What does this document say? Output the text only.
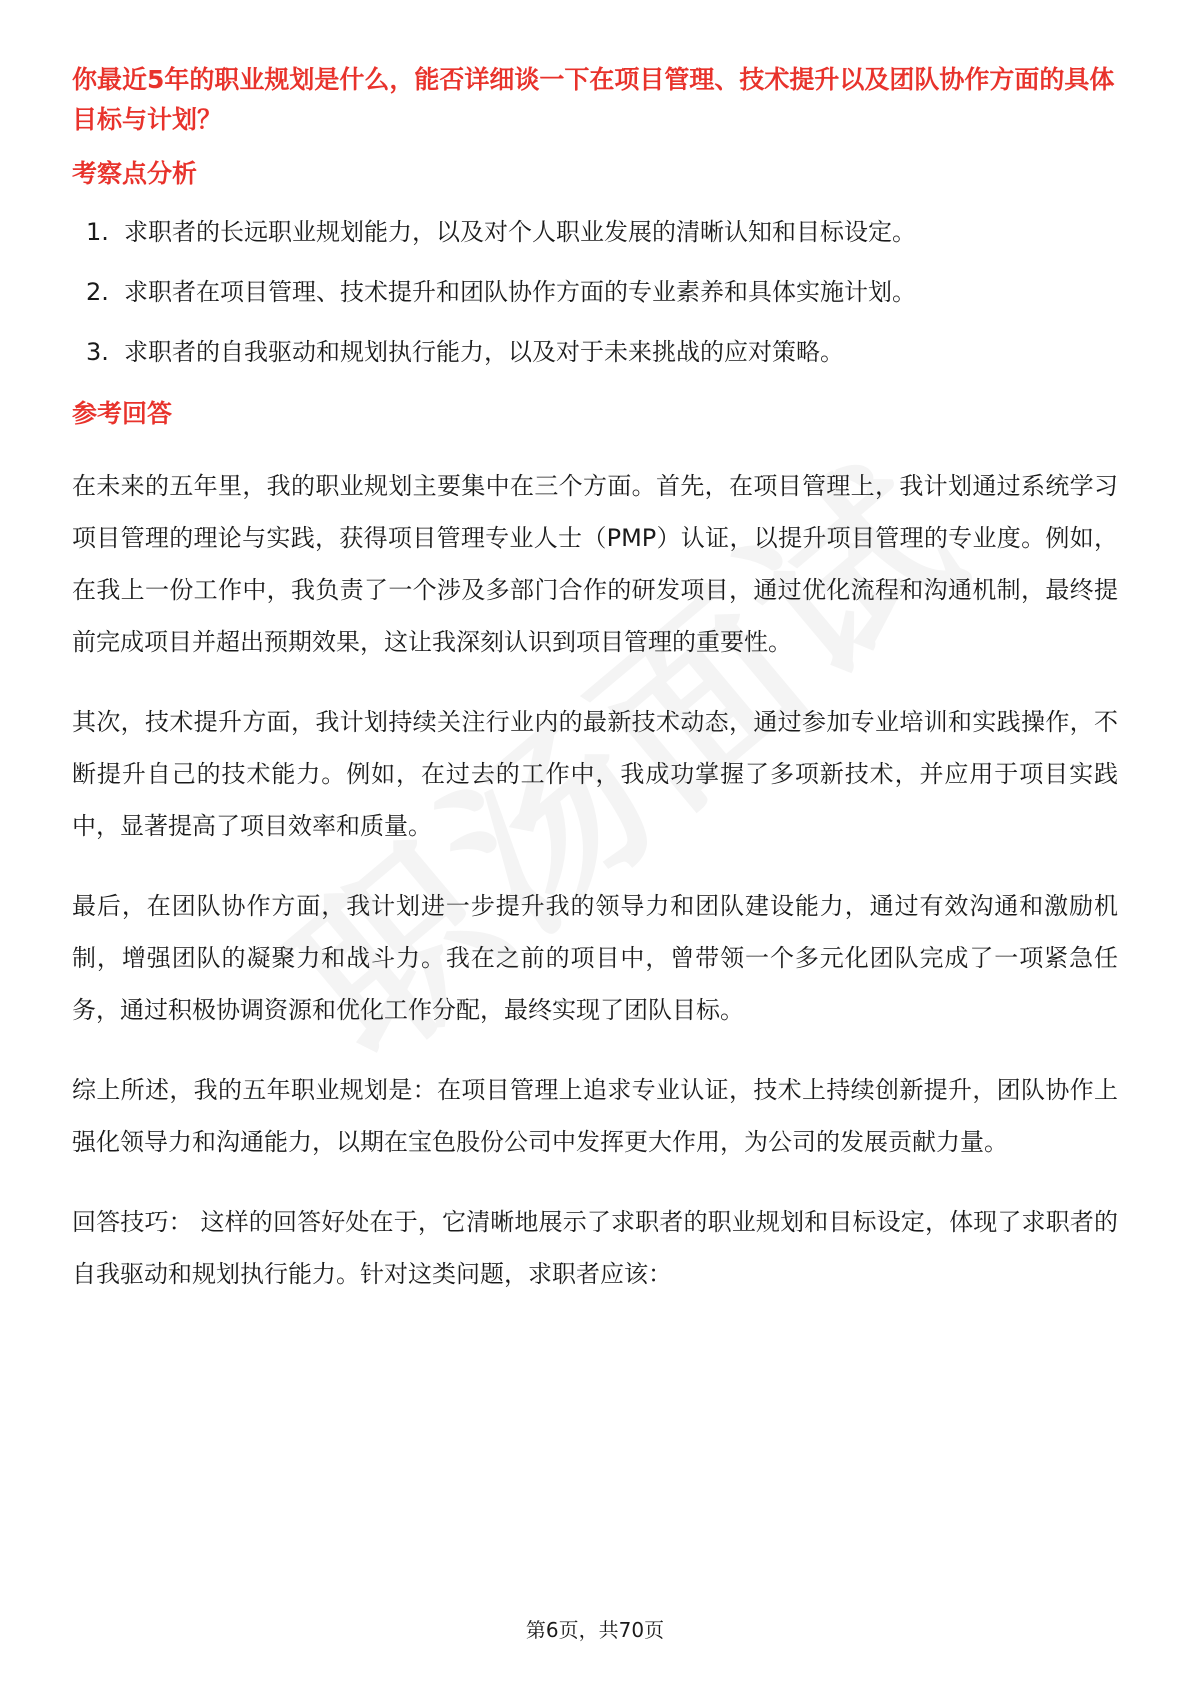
你最近5年的职业规划是什么，能否详细谈一下在项目管理、技术提升以及团队协作方面的具体目标与计划？
考察点分析
1. 求职者的长远职业规划能力，以及对个人职业发展的清晰认知和目标设定。
2. 求职者在项目管理、技术提升和团队协作方面的专业素养和具体实施计划。
3. 求职者的自我驱动和规划执行能力，以及对于未来挑战的应对策略。
参考回答

在未来的五年里，我的职业规划主要集中在三个方面。首先，在项目管理上，我计划通过系统学习项目管理的理论与实践，获得项目管理专业人士（PMP）认证，以提升项目管理的专业度。例如，在我上一份工作中，我负责了一个涉及多部门合作的研发项目，通过优化流程和沟通机制，最终提前完成项目并超出预期效果，这让我深刻认识到项目管理的重要性。

其次，技术提升方面，我计划持续关注行业内的最新技术动态，通过参加专业培训和实践操作，不断提升自己的技术能力。例如，在过去的工作中，我成功掌握了多项新技术，并应用于项目实践中，显著提高了项目效率和质量。

最后，在团队协作方面，我计划进一步提升我的领导力和团队建设能力，通过有效沟通和激励机制，增强团队的凝聚力和战斗力。我在之前的项目中，曾带领一个多元化团队完成了一项紧急任务，通过积极协调资源和优化工作分配，最终实现了团队目标。

综上所述，我的五年职业规划是：在项目管理上追求专业认证，技术上持续创新提升，团队协作上强化领导力和沟通能力，以期在宝色股份公司中发挥更大作用，为公司的发展贡献力量。

回答技巧： 这样的回答好处在于，它清晰地展示了求职者的职业规划和目标设定，体现了求职者的自我驱动和规划执行能力。针对这类问题，求职者应该：

第6页，共70页
